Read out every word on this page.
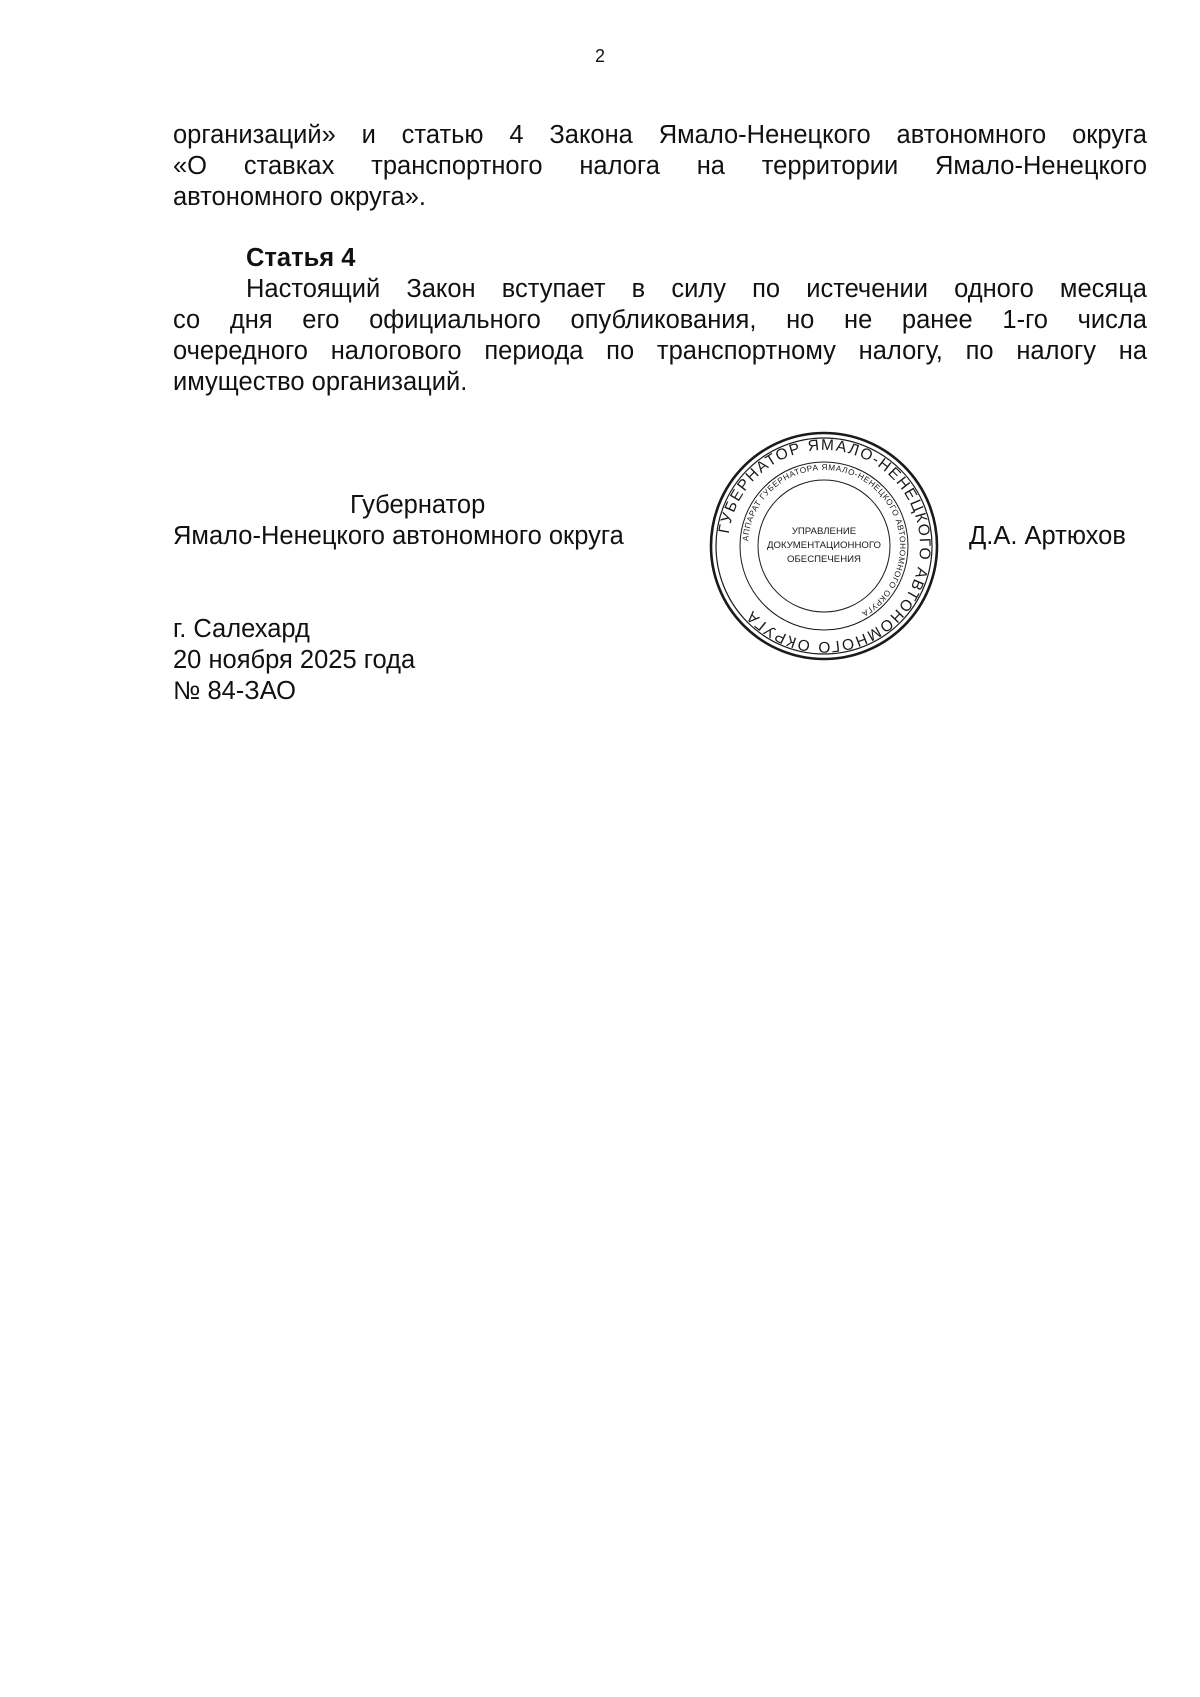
2
организаций» и статью 4 Закона Ямало-Ненецкого автономного округа
«О ставках транспортного налога на территории Ямало-Ненецкого
автономного округа».
Статья 4
Настоящий Закон вступает в силу по истечении одного месяца
со дня его официального опубликования, но не ранее 1-го числа
очередного налогового периода по транспортному налогу, по налогу на
имущество организаций.
Губернатор
Ямало-Ненецкого автономного округа	ГУБЕРНАТОР ЯМАЛО-НЕНЕЦКОГО АВТОНОМНОГО ОКРУГА
АППАРАТ ГУБЕРНАТОРА ЯМАЛО-НЕНЕЦКОГО АВТОНОМНОГО ОКРУГА
УПРАВЛЕНИЕ
ДОКУМЕНТАЦИОННОГО
ОБЕСПЕЧЕНИЯ
Д.А. Артюхов
г. Салехард
20 ноября 2025 года
№ 84-ЗАО
